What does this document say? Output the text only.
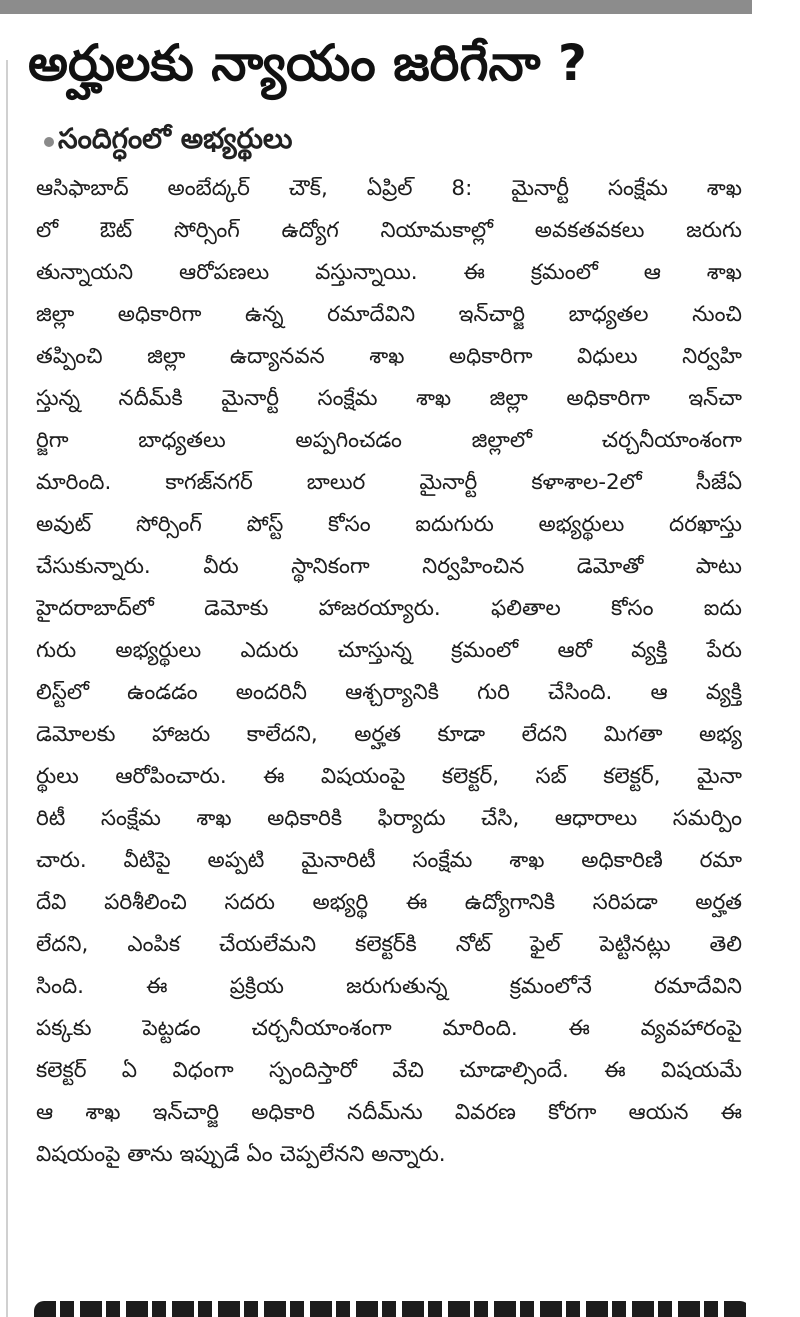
అర్హులకు న్యాయం జరిగేనా ?
సందిగ్ధంలో అభ్యర్థులు
ఆసిఫాబాద్ అంబేద్కర్ చౌక్, ఏప్రిల్ 8: మైనార్టీ సంక్షేమ శాఖ
లో ఔట్ సోర్సింగ్ ఉద్యోగ నియామకాల్లో అవకతవకలు జరుగు
తున్నాయని ఆరోపణలు వస్తున్నాయి. ఈ క్రమంలో ఆ శాఖ
జిల్లా అధికారిగా ఉన్న రమాదేవిని ఇన్‌చార్జి బాధ్యతల నుంచి
తప్పించి జిల్లా ఉద్యానవన శాఖ అధికారిగా విధులు నిర్వహి
స్తున్న నదీమ్‌కి మైనార్టీ సంక్షేమ శాఖ జిల్లా అధికారిగా ఇన్‌చా
ర్జిగా బాధ్యతలు అప్పగించడం జిల్లాలో చర్చనీయాంశంగా
మారింది. కాగజ్‌నగర్ బాలుర మైనార్టీ కళాశాల-2లో సీజేఏ
అవుట్ సోర్సింగ్ పోస్ట్ కోసం ఐదుగురు అభ్యర్థులు దరఖాస్తు
చేసుకున్నారు. వీరు స్థానికంగా నిర్వహించిన డెమోతో పాటు
హైదరాబాద్‌లో డెమోకు హాజరయ్యారు. ఫలితాల కోసం ఐదు
గురు అభ్యర్థులు ఎదురు చూస్తున్న క్రమంలో ఆరో వ్యక్తి పేరు
లిస్ట్‌లో ఉండడం అందరినీ ఆశ్చర్యానికి గురి చేసింది. ఆ వ్యక్తి
డెమోలకు హాజరు కాలేదని, అర్హత కూడా లేదని మిగతా అభ్య
ర్థులు ఆరోపించారు. ఈ విషయంపై కలెక్టర్, సబ్ కలెక్టర్, మైనా
రిటీ సంక్షేమ శాఖ అధికారికి ఫిర్యాదు చేసి, ఆధారాలు సమర్పిం
చారు. వీటిపై అప్పటి మైనారిటీ సంక్షేమ శాఖ అధికారిణి రమా
దేవి పరిశీలించి సదరు అభ్యర్థి ఈ ఉద్యోగానికి సరిపడా అర్హత
లేదని, ఎంపిక చేయలేమని కలెక్టర్‌కి నోట్ ఫైల్ పెట్టినట్లు తెలి
సింది. ఈ ప్రక్రియ జరుగుతున్న క్రమంలోనే రమాదేవిని
పక్కకు పెట్టడం చర్చనీయాంశంగా మారింది. ఈ వ్యవహారంపై
కలెక్టర్ ఏ విధంగా స్పందిస్తారో వేచి చూడాల్సిందే. ఈ విషయమే
ఆ శాఖ ఇన్‌చార్జి అధికారి నదీమ్‌ను వివరణ కోరగా ఆయన ఈ
విషయంపై తాను ఇప్పుడే ఏం చెప్పలేనని అన్నారు.
